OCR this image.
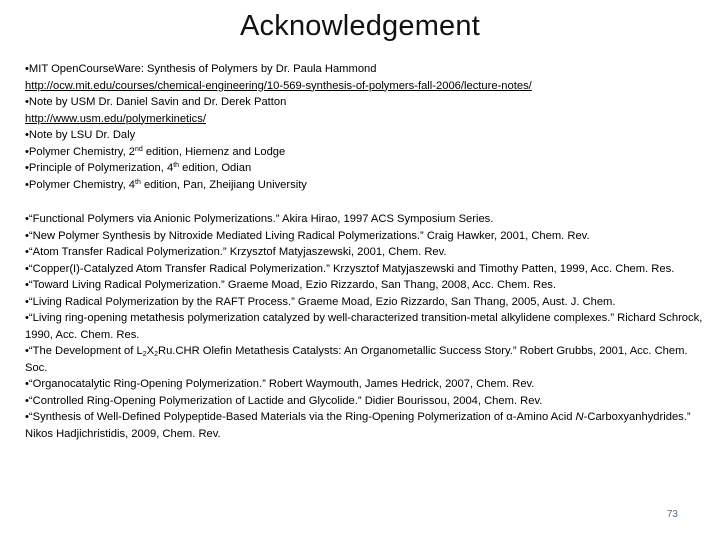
Acknowledgement
•MIT OpenCourseWare: Synthesis of Polymers by Dr. Paula Hammond
http://ocw.mit.edu/courses/chemical-engineering/10-569-synthesis-of-polymers-fall-2006/lecture-notes/
•Note by USM Dr. Daniel Savin and Dr. Derek Patton
http://www.usm.edu/polymerkinetics/
•Note by LSU Dr. Daly
•Polymer Chemistry, 2nd edition, Hiemenz and Lodge
•Principle of Polymerization, 4th edition, Odian
•Polymer Chemistry, 4th edition, Pan, Zheijiang University
•“Functional Polymers via Anionic Polymerizations.” Akira Hirao, 1997 ACS Symposium Series.
•“New Polymer Synthesis by Nitroxide Mediated Living Radical Polymerizations.” Craig Hawker, 2001, Chem. Rev.
•“Atom Transfer Radical Polymerization.” Krzysztof Matyjaszewski, 2001, Chem. Rev.
•“Copper(I)-Catalyzed Atom Transfer Radical Polymerization.” Krzysztof Matyjaszewski and Timothy Patten, 1999, Acc. Chem. Res.
•“Toward Living Radical Polymerization.” Graeme Moad, Ezio Rizzardo, San Thang, 2008, Acc. Chem. Res.
•“Living Radical Polymerization by the RAFT Process.” Graeme Moad, Ezio Rizzardo, San Thang, 2005, Aust. J. Chem.
•“Living ring-opening metathesis polymerization catalyzed by well-characterized transition-metal alkylidene complexes.” Richard Schrock, 1990, Acc. Chem. Res.
•“The Development of $L_2X_2Ru.CHR$ Olefin Metathesis Catalysts: An Organometallic Success Story.” Robert Grubbs, 2001, Acc. Chem. Soc.
•“Organocatalytic Ring-Opening Polymerization.” Robert Waymouth, James Hedrick, 2007, Chem. Rev.
•“Controlled Ring-Opening Polymerization of Lactide and Glycolide.” Didier Bourissou, 2004, Chem. Rev.
•“Synthesis of Well-Defined Polypeptide-Based Materials via the Ring-Opening Polymerization of α-Amino Acid N-Carboxyanhydrides.” Nikos Hadjichristidis, 2009, Chem. Rev.
73
